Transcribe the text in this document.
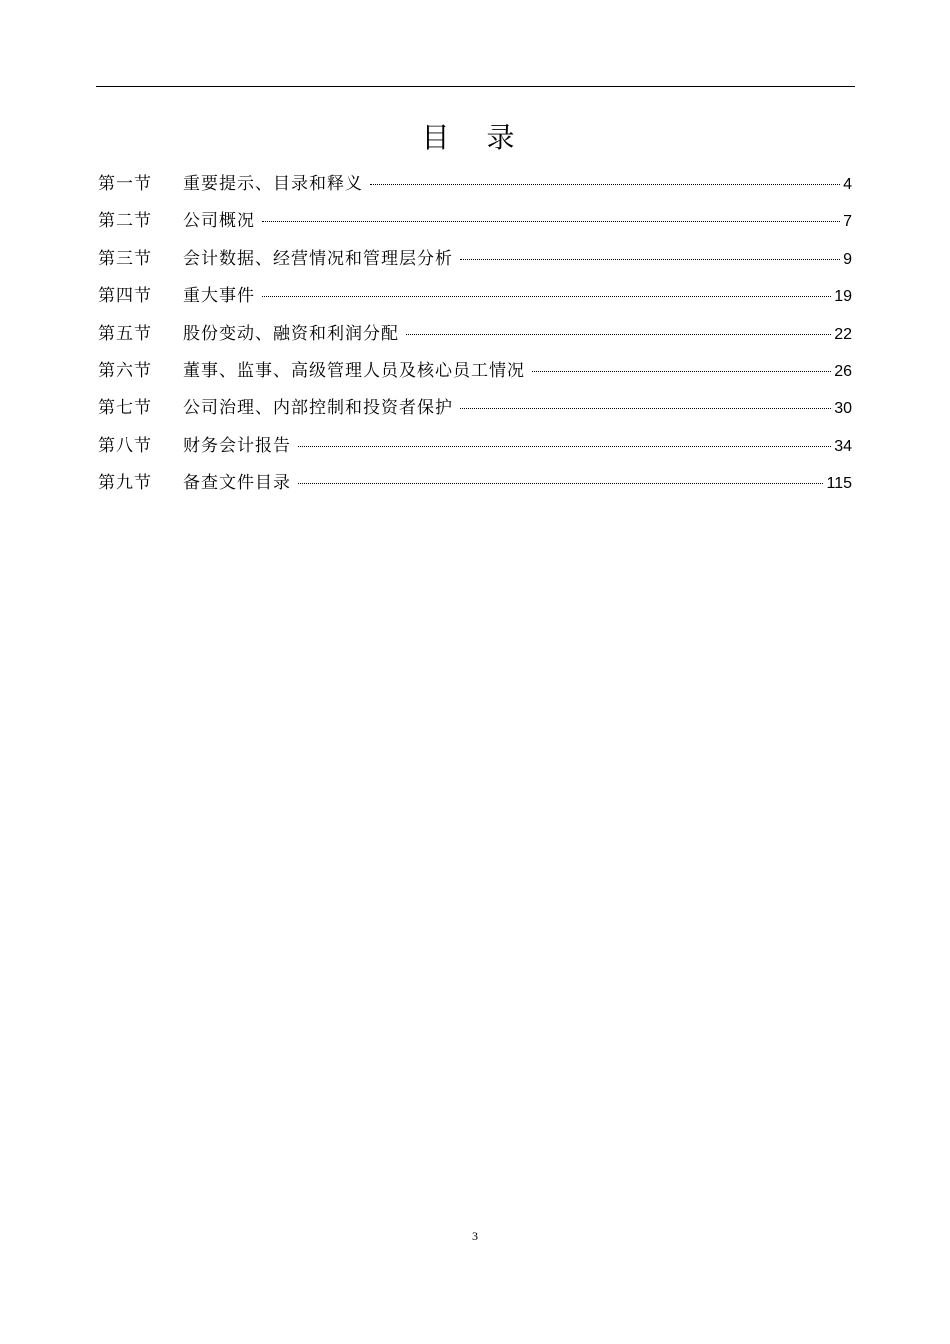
目 录
第一节	重要提示、目录和释义	4
第二节	公司概况	7
第三节	会计数据、经营情况和管理层分析	9
第四节	重大事件	19
第五节	股份变动、融资和利润分配	22
第六节	董事、监事、高级管理人员及核心员工情况	26
第七节	公司治理、内部控制和投资者保护	30
第八节	财务会计报告	34
第九节	备查文件目录	115
3
